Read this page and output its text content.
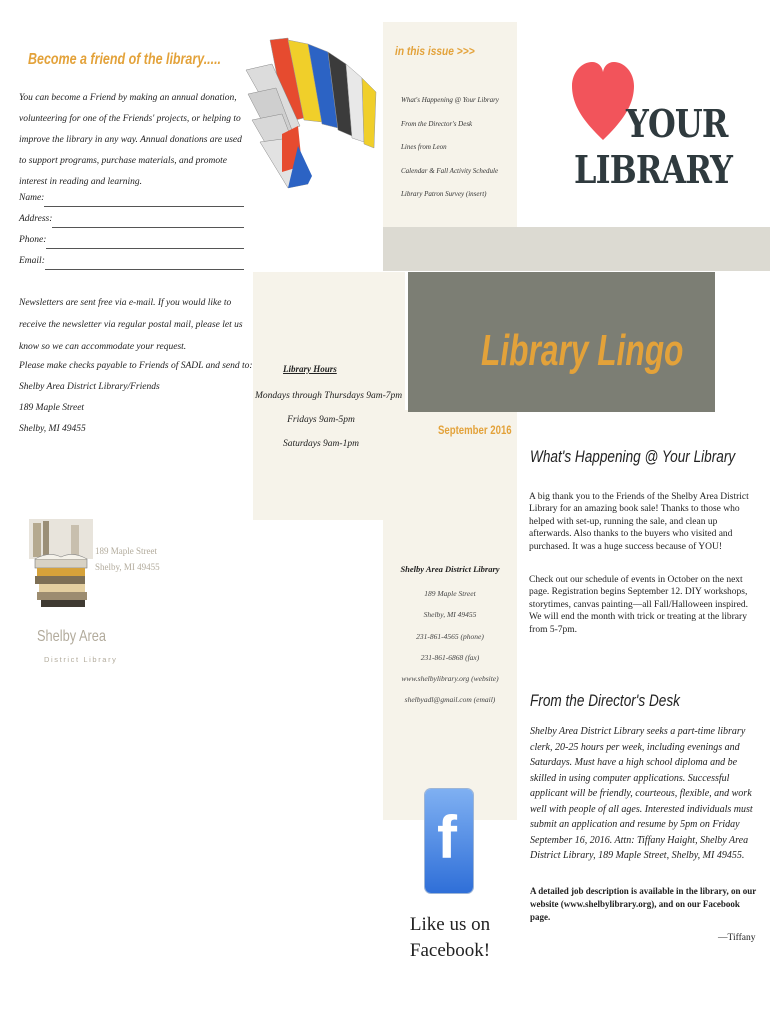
Become a friend of the library.....
You can become a Friend by making an annual donation, volunteering for one of the Friends' projects, or helping to improve the library in any way. Annual donations are used to support programs, purchase materials, and promote interest in reading and learning.
Name:
Address:
Phone:
Email:
Newsletters are sent free via e-mail. If you would like to receive the newsletter via regular postal mail, please let us know so we can accommodate your request.
Please make checks payable to Friends of SADL and send to:
Shelby Area District Library/Friends
189 Maple Street
Shelby, MI 49455
189 Maple Street
Shelby, MI 49455
Shelby Area
District Library
Library Hours
Mondays through Thursdays 9am-7pm
Fridays 9am-5pm
Saturdays 9am-1pm
in this issue >>>
What's Happening @ Your Library
From the Director's Desk
Lines from Leon
Calendar & Fall Activity Schedule
Library Patron Survey (insert)
YOUR
LIBRARY
Library Lingo
September 2016
Shelby Area District Library
189 Maple Street
Shelby, MI 49455
231-861-4565 (phone)
231-861-6868 (fax)
www.shelbylibrary.org (website)
shelbyadl@gmail.com (email)
f
Like us on
Facebook!
What's Happening @ Your Library
A big thank you to the Friends of the Shelby Area District Library for an amazing book sale! Thanks to those who helped with set-up, running the sale, and clean up afterwards. Also thanks to the buyers who visited and purchased. It was a huge success because of YOU!
Check out our schedule of events in October on the next page. Registration begins September 12. DIY workshops, storytimes, canvas painting—all Fall/Halloween inspired. We will end the month with trick or treating at the library from 5-7pm.
From the Director's Desk
Shelby Area District Library seeks a part-time library clerk, 20-25 hours per week, including evenings and Saturdays. Must have a high school diploma and be skilled in using computer applications. Successful applicant will be friendly, courteous, flexible, and work well with people of all ages. Interested individuals must submit an application and resume by 5pm on Friday September 16, 2016. Attn: Tiffany Haight, Shelby Area District Library, 189 Maple Street, Shelby, MI 49455.
A detailed job description is available in the library, on our website (www.shelbylibrary.org), and on our Facebook page.
—Tiffany
